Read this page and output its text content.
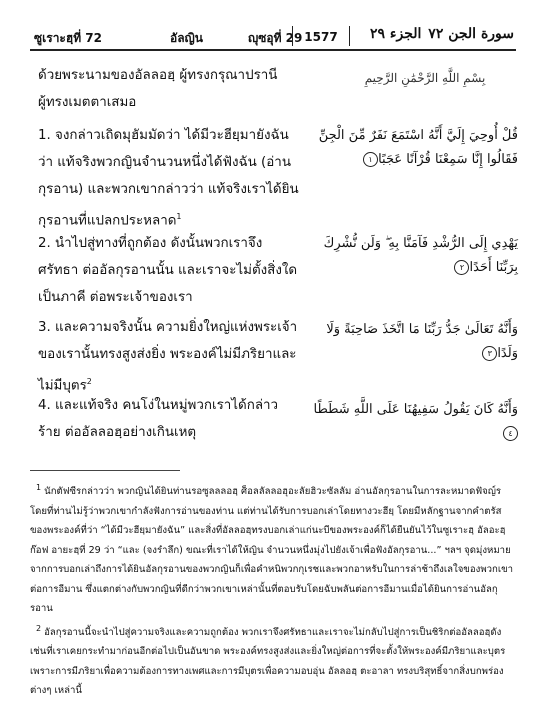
ซูเราะฮฺที่ 72	อัลญิน	ญุซอุที่ 29 1577	الجزء ٢٩ سورة الجن ٧٢
ด้วยพระนามของอัลลอฮฺ ผู้ทรงกรุณาปรานี ผู้ทรงเมตตาเสมอ
بِسْمِ اللَّهِ الرَّحْمَٰنِ الرَّحِيمِ
1. จงกล่าวเถิดมุฮัมมัดว่า ได้มีวะฮียฺมายังฉัน ว่า แท้จริงพวกญินจำนวนหนึ่งได้ฟังฉัน (อ่าน กุรอาน) และพวกเขากล่าวว่า แท้จริงเราได้ยิน กุรอานที่แปลกประหลาด$^1$
قُلْ أُوحِيَ إِلَيَّ أَنَّهُ اسْتَمَعَ نَفَرٌ مِّنَ الْجِنِّ فَقَالُوا إِنَّا سَمِعْنَا قُرْآنًا عَجَبًا١
2. นำไปสู่ทางที่ถูกต้อง ดังนั้นพวกเราจึงศรัทธา ต่ออัลกุรอานนั้น และเราจะไม่ตั้งสิ่งใดเป็นภาคี ต่อพระเจ้าของเรา
يَهْدِي إِلَى الرُّشْدِ فَآمَنَّا بِهِ ۖ وَلَن نُّشْرِكَ بِرَبِّنَا أَحَدًا٢
3. และความจริงนั้น ความยิ่งใหญ่แห่งพระเจ้า ของเรานั้นทรงสูงส่งยิ่ง พระองค์ไม่มีภริยาและ ไม่มีบุตร$^2$
وَأَنَّهُ تَعَالَىٰ جَدُّ رَبِّنَا مَا اتَّخَذَ صَاحِبَةً وَلَا وَلَدًا٣
4. และแท้จริง คนโง่ในหมู่พวกเราได้กล่าวร้าย ต่ออัลลอฮฺอย่างเกินเหตุ
وَأَنَّهُ كَانَ يَقُولُ سَفِيهُنَا عَلَى اللَّهِ شَطَطًا٤

$^1$ นักตัฟซีรกล่าวว่า พวกญินได้ยินท่านรอซูลลลอฮฺ ศ็อลลัลลอฮุอะลัยฮิวะซัลลัม อ่านอัลกุรอานในการละหมาดฟัจญ์รโดยที่ท่านไม่รู้ว่าพวกเขากำลังฟังการอ่านของท่าน แต่ท่านได้รับการบอกเล่าโดยทางวะฮียฺ โดยมีหลักฐานจากคำตรัสของพระองค์ที่ว่า “ได้มีวะฮียฺมายังฉัน” และสิ่งที่อัลลอฮฺทรงบอกเล่าแก่นะบีของพระองค์ก็ได้ยืนยันไว้ในซูเราะฮฺ อัลอะฮฺก๊อฟ อายะฮฺที่ 29 ว่า “และ (จงรำลึก) ขณะที่เราได้ให้ญิน จำนวนหนึ่งมุ่งไปยังเจ้าเพื่อฟังอัลกุรอาน...” ฯลฯ จุดมุ่งหมายจากการบอกเล่าถึงการได้ยินอัลกุรอานของพวกญินก็เพื่อคำหนิพวกกุเรชและพวกอาหรับในการล่าช้าถึงเลใจของพวกเขาต่อการอีมาน ซึ่งแตกต่างกับพวกญินที่ดีกว่าพวกเขาเหล่านั้นที่ตอบรับโดยฉับพลันต่อการอีมานเมื่อได้ยินการอ่านอัลกุรอาน

$^2$ อัลกุรอานนี้จะนำไปสู่ความจริงและความถูกต้อง พวกเราจึงศรัทธาและเราจะไม่กลับไปสู่การเป็นชิริกต่ออัลลอฮฺดังเช่นที่เราเคยกระทำมาก่อนอีกต่อไปเป็นอันขาด พระองค์ทรงสูงส่งและยิ่งใหญ่ต่อการที่จะตั้งให้พระองค์มีภริยาและบุตร เพราะการมีภริยาเพื่อความต้องการทางเพศและการมีบุตรเพื่อความอบอุ่น อัลลอฮฺ ตะอาลา ทรงบริสุทธิ์จากสิ่งบกพร่องต่างๆ เหล่านี้
